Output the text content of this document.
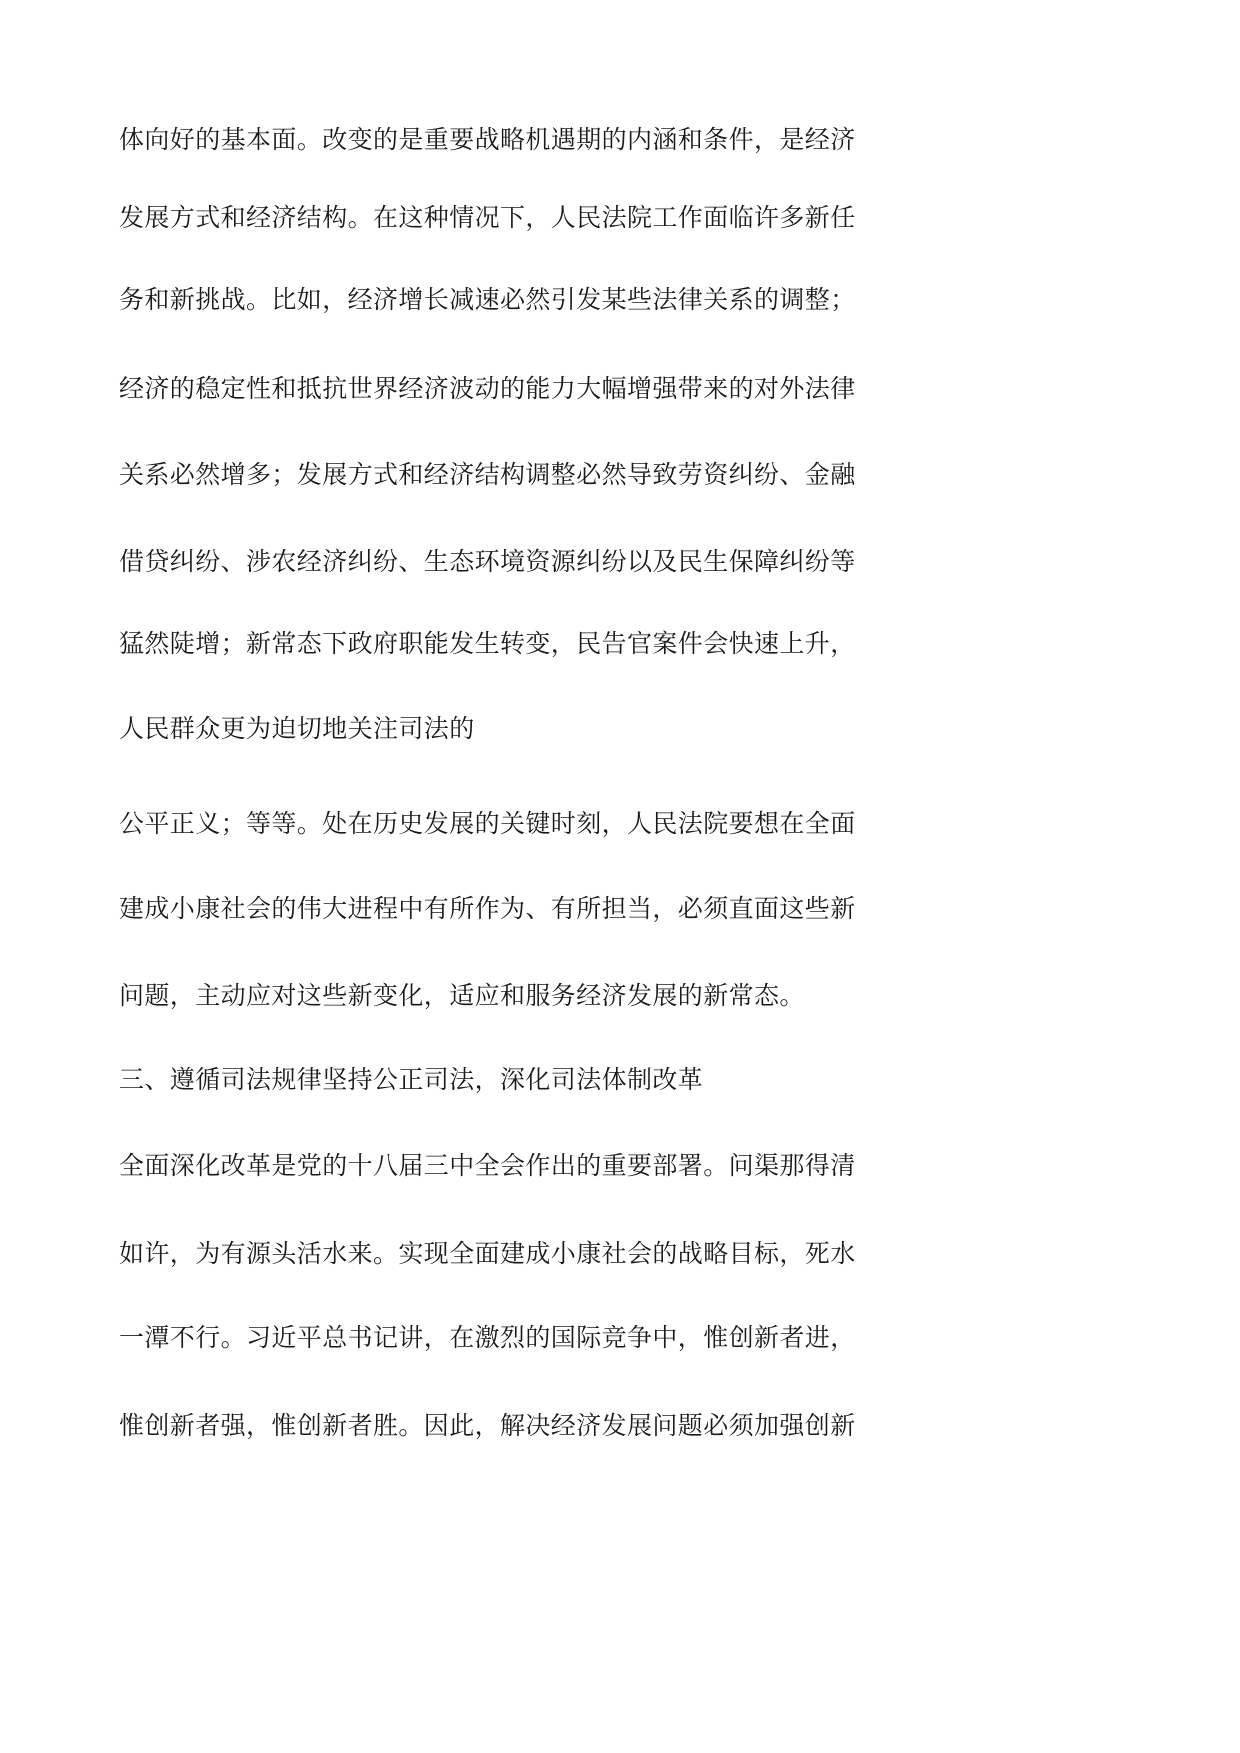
体向好的基本面。改变的是重要战略机遇期的内涵和条件，是经济

发展方式和经济结构。在这种情况下，人民法院工作面临许多新任

务和新挑战。比如，经济增长减速必然引发某些法律关系的调整；

经济的稳定性和抵抗世界经济波动的能力大幅增强带来的对外法律

关系必然增多；发展方式和经济结构调整必然导致劳资纠纷、金融

借贷纠纷、涉农经济纠纷、生态环境资源纠纷以及民生保障纠纷等

猛然陡增；新常态下政府职能发生转变，民告官案件会快速上升，

人民群众更为迫切地关注司法的

公平正义；等等。处在历史发展的关键时刻，人民法院要想在全面

建成小康社会的伟大进程中有所作为、有所担当，必须直面这些新

问题，主动应对这些新变化，适应和服务经济发展的新常态。

三、遵循司法规律坚持公正司法，深化司法体制改革

全面深化改革是党的十八届三中全会作出的重要部署。问渠那得清

如许，为有源头活水来。实现全面建成小康社会的战略目标，死水

一潭不行。习近平总书记讲，在激烈的国际竞争中，惟创新者进，

惟创新者强，惟创新者胜。因此，解决经济发展问题必须加强创新
